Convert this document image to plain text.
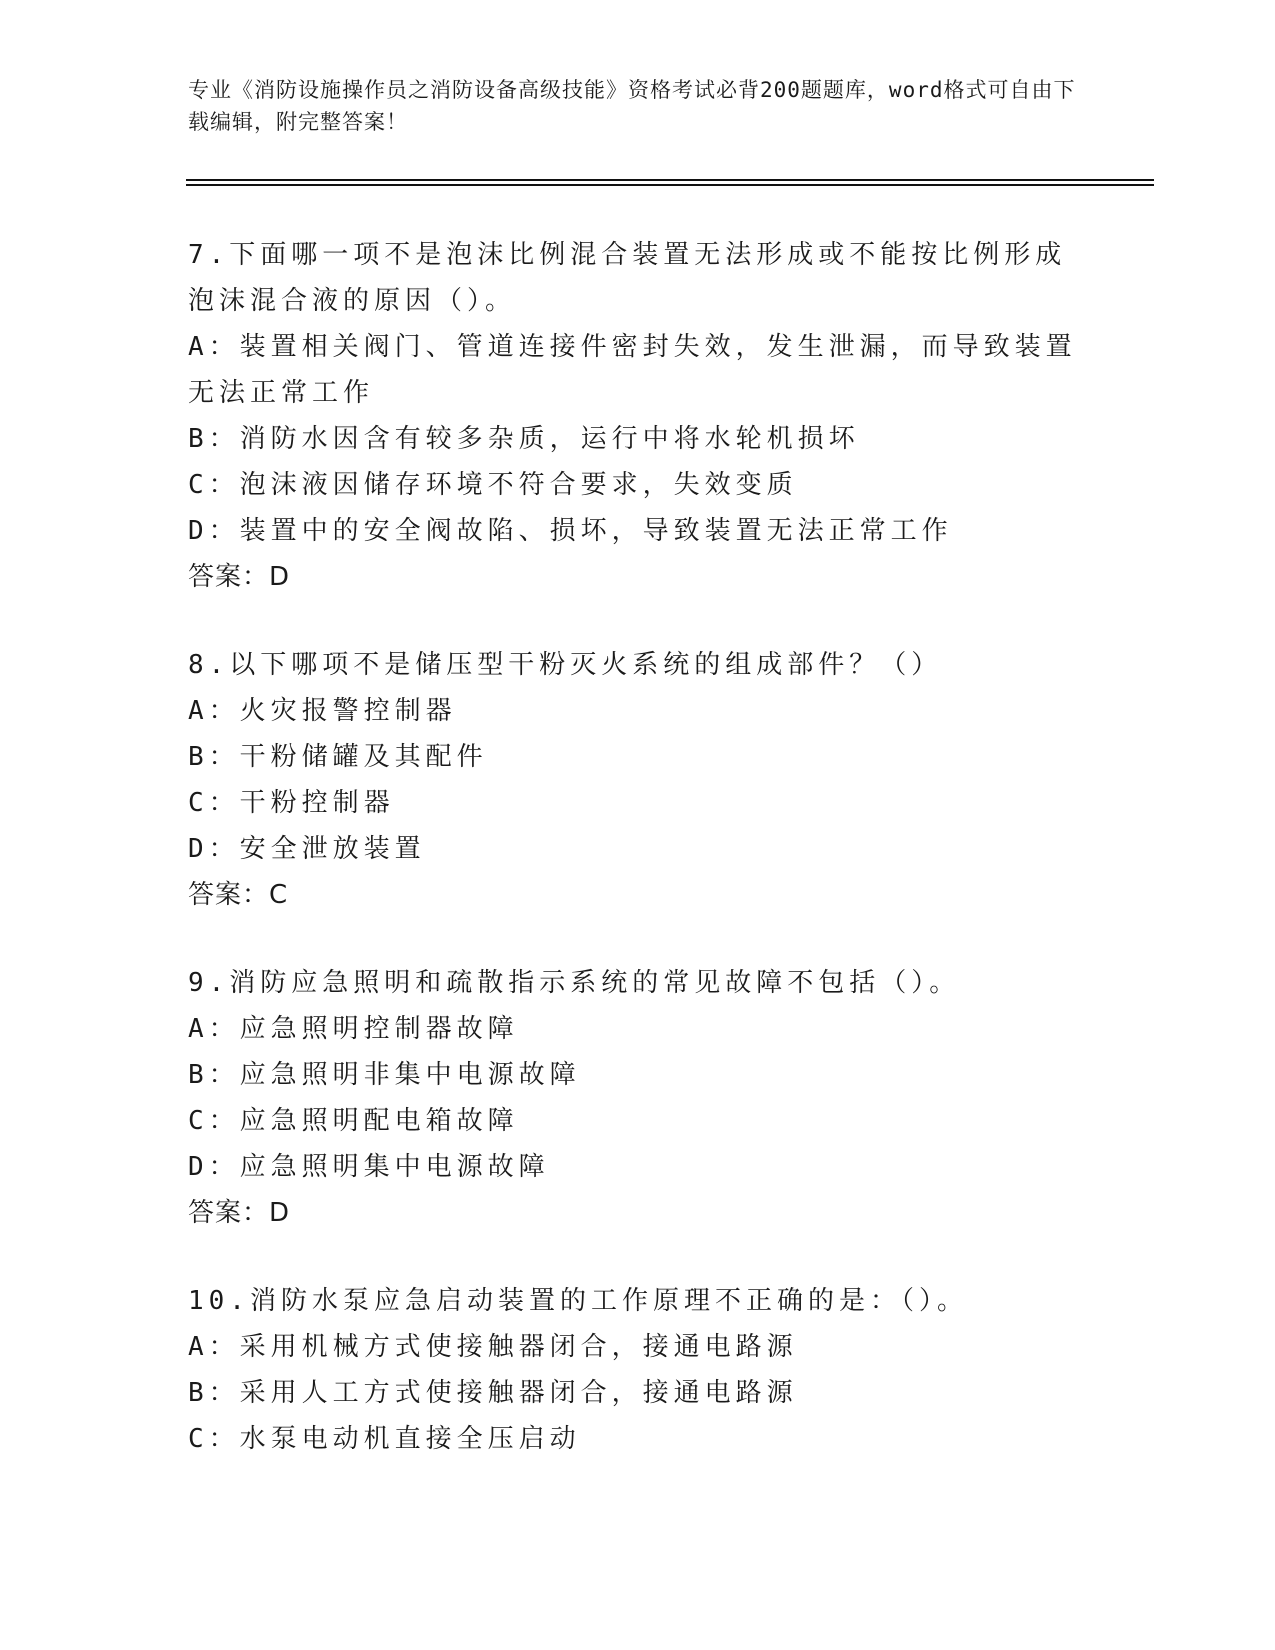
专业《消防设施操作员之消防设备高级技能》资格考试必背200题题库，word格式可自由下载编辑，附完整答案！
7.下面哪一项不是泡沫比例混合装置无法形成或不能按比例形成泡沫混合液的原因（）。
A：装置相关阀门、管道连接件密封失效，发生泄漏，而导致装置无法正常工作
B：消防水因含有较多杂质，运行中将水轮机损坏
C：泡沫液因储存环境不符合要求，失效变质
D：装置中的安全阀故陷、损坏，导致装置无法正常工作
答案：D
8.以下哪项不是储压型干粉灭火系统的组成部件？（）
A：火灾报警控制器
B：干粉储罐及其配件
C：干粉控制器
D：安全泄放装置
答案：C
9.消防应急照明和疏散指示系统的常见故障不包括（）。
A：应急照明控制器故障
B：应急照明非集中电源故障
C：应急照明配电箱故障
D：应急照明集中电源故障
答案：D
10.消防水泵应急启动装置的工作原理不正确的是：（）。
A：采用机械方式使接触器闭合，接通电路源
B：采用人工方式使接触器闭合，接通电路源
C：水泵电动机直接全压启动
